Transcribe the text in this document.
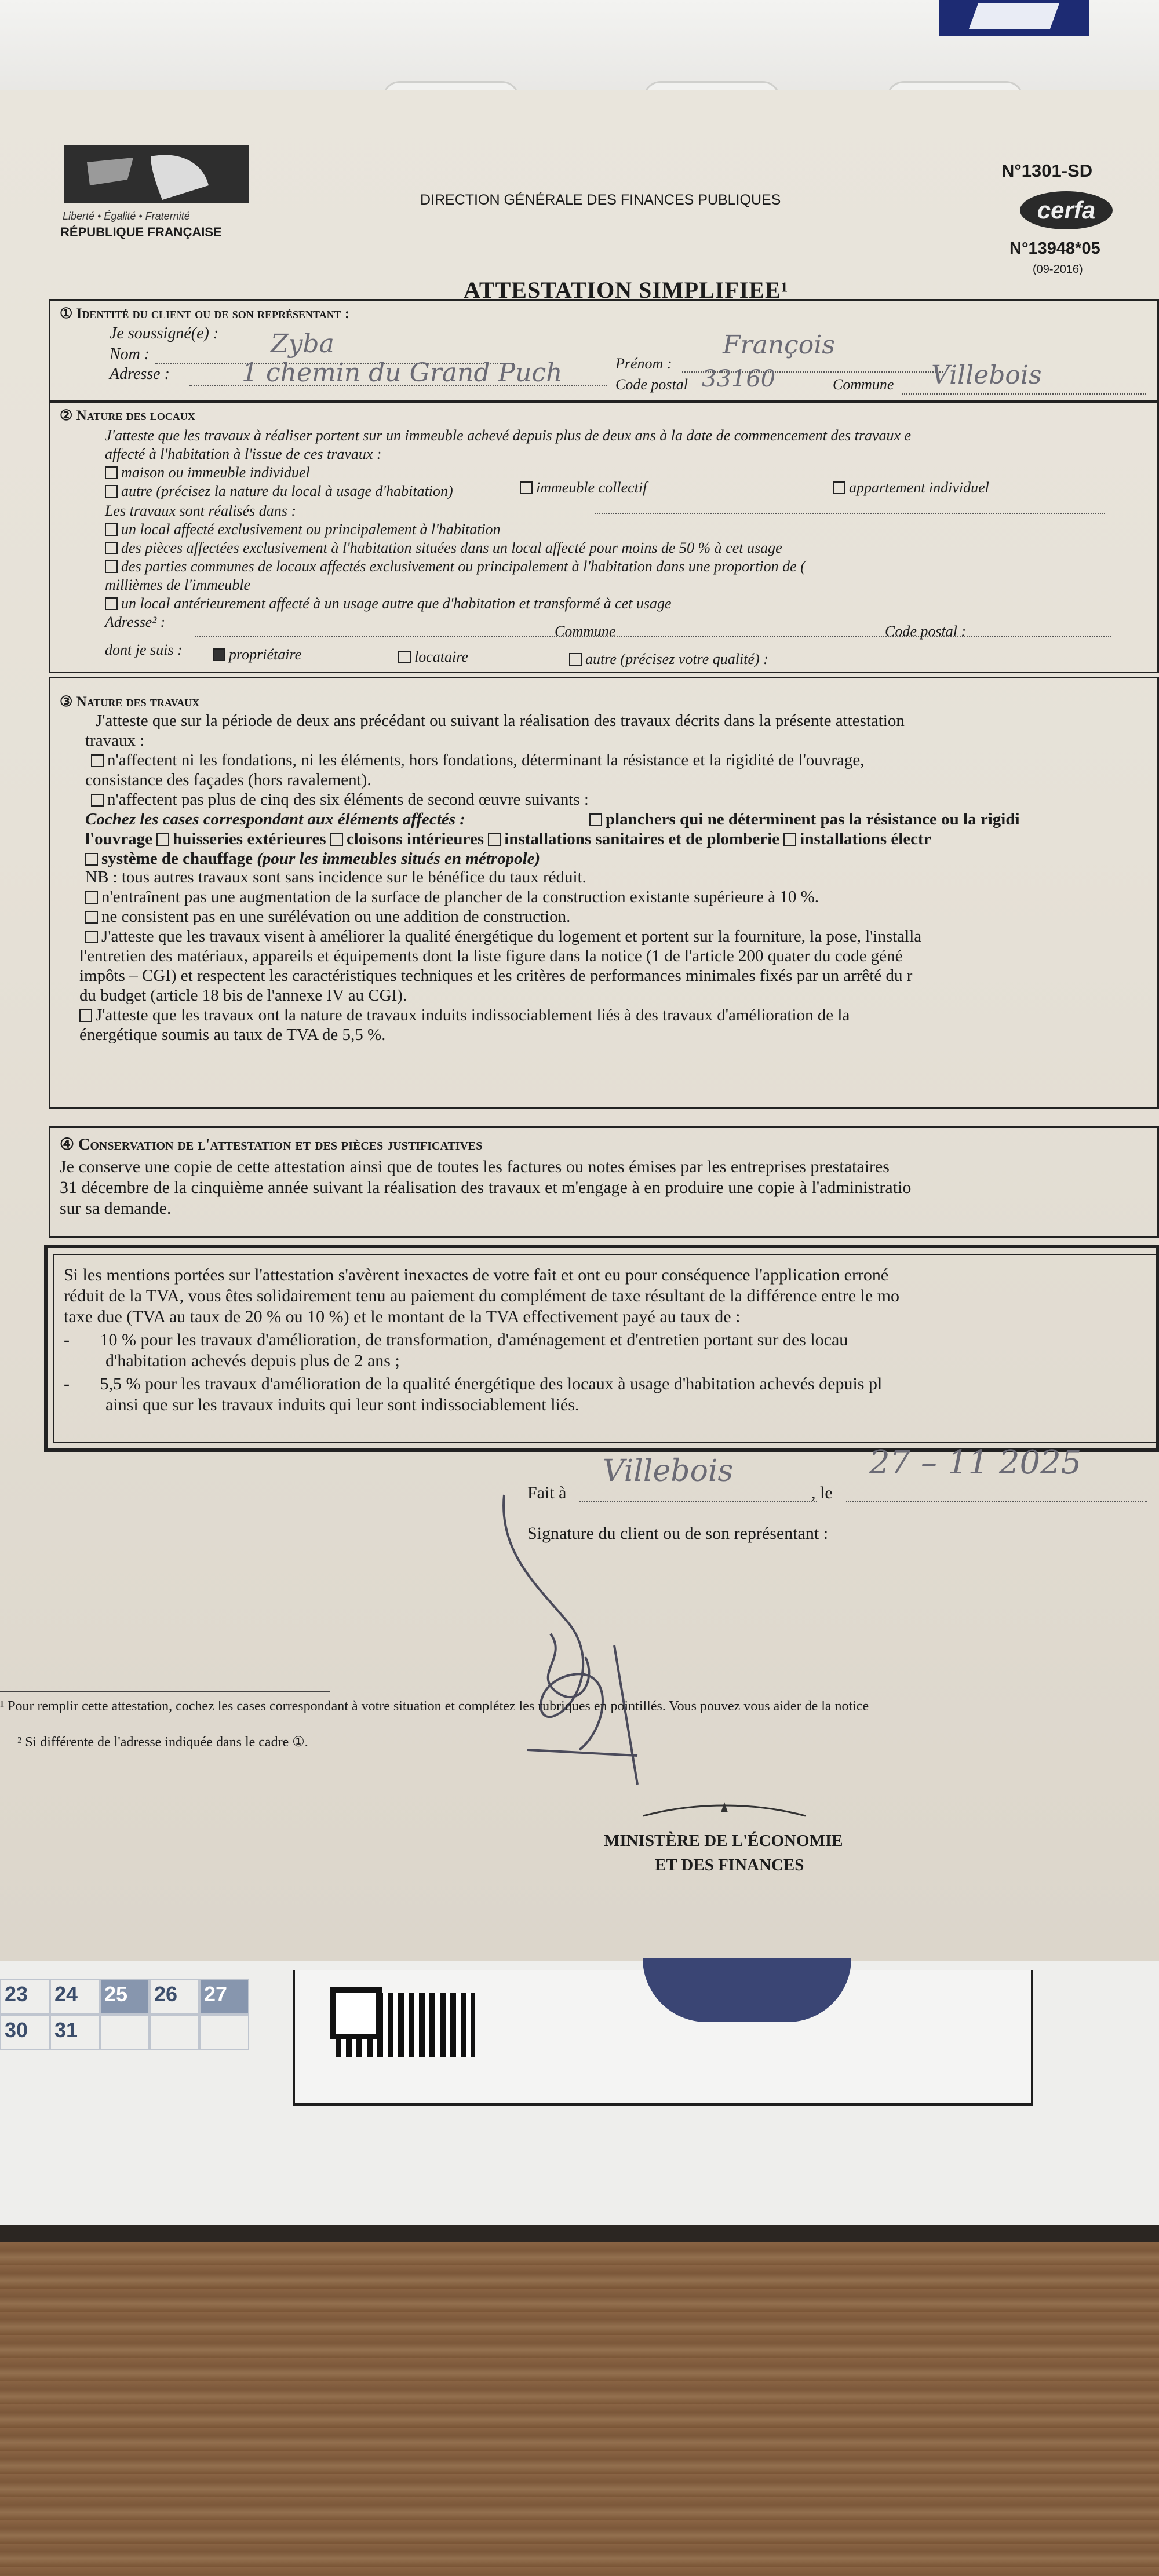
Liberté • Égalité • Fraternité
RÉPUBLIQUE FRANÇAISE
DIRECTION GÉNÉRALE DES FINANCES PUBLIQUES
N°1301-SD
cerfa
N°13948*05
(09-2016)
ATTESTATION SIMPLIFIEE¹
① Identité du client ou de son représentant :
Je soussigné(e) :
Nom :	Zyba
Prénom :
François
Adresse :	1 chemin du Grand Puch	Code postal 33160	Commune Villebois
② Nature des locaux
J'atteste que les travaux à réaliser portent sur un immeuble achevé depuis plus de deux ans à la date de commencement des travaux e
affecté à l'habitation à l'issue de ces travaux :
maison ou immeuble individuel
immeuble collectif	appartement individuel
autre (précisez la nature du local à usage d'habitation)
Les travaux sont réalisés dans :
un local affecté exclusivement ou principalement à l'habitation
des pièces affectées exclusivement à l'habitation situées dans un local affecté pour moins de 50 % à cet usage
des parties communes de locaux affectés exclusivement ou principalement à l'habitation dans une proportion de (
millièmes de l'immeuble
un local antérieurement affecté à un usage autre que d'habitation et transformé à cet usage
Adresse² :
Commune	Code postal :
dont je suis :	propriétaire	locataire	autre (précisez votre qualité) :
③ Nature des travaux
J'atteste que sur la période de deux ans précédant ou suivant la réalisation des travaux décrits dans la présente attestation
travaux :
n'affectent ni les fondations, ni les éléments, hors fondations, déterminant la résistance et la rigidité de l'ouvrage,
consistance des façades (hors ravalement).
n'affectent pas plus de cinq des six éléments de second œuvre suivants :
Cochez les cases correspondant aux éléments affectés :	planchers qui ne déterminent pas la résistance ou la rigidi
l'ouvrage huisseries extérieures cloisons intérieures installations sanitaires et de plomberie installations électr
système de chauffage (pour les immeubles situés en métropole)
NB : tous autres travaux sont sans incidence sur le bénéfice du taux réduit.
n'entraînent pas une augmentation de la surface de plancher de la construction existante supérieure à 10 %.
ne consistent pas en une surélévation ou une addition de construction.
J'atteste que les travaux visent à améliorer la qualité énergétique du logement et portent sur la fourniture, la pose, l'installa
l'entretien des matériaux, appareils et équipements dont la liste figure dans la notice (1 de l'article 200 quater du code géné
impôts – CGI) et respectent les caractéristiques techniques et les critères de performances minimales fixés par un arrêté du r
du budget (article 18 bis de l'annexe IV au CGI).
J'atteste que les travaux ont la nature de travaux induits indissociablement liés à des travaux d'amélioration de la
énergétique soumis au taux de TVA de 5,5 %.
④ Conservation de l'attestation et des pièces justificatives
Je conserve une copie de cette attestation ainsi que de toutes les factures ou notes émises par les entreprises prestataires
31 décembre de la cinquième année suivant la réalisation des travaux et m'engage à en produire une copie à l'administratio
sur sa demande.
Si les mentions portées sur l'attestation s'avèrent inexactes de votre fait et ont eu pour conséquence l'application erroné
réduit de la TVA, vous êtes solidairement tenu au paiement du complément de taxe résultant de la différence entre le mo
taxe due (TVA au taux de 20 % ou 10 %) et le montant de la TVA effectivement payé au taux de :
-       10 % pour les travaux d'amélioration, de transformation, d'aménagement et d'entretien portant sur des locau
d'habitation achevés depuis plus de 2 ans ;
-       5,5 % pour les travaux d'amélioration de la qualité énergétique des locaux à usage d'habitation achevés depuis pl
ainsi que sur les travaux induits qui leur sont indissociablement liés.
Fait à
Villebois
, le
27 – 11 2025
Signature du client ou de son représentant :
¹ Pour remplir cette attestation, cochez les cases correspondant à votre situation et complétez les rubriques en pointillés. Vous pouvez vous aider de la notice
² Si différente de l'adresse indiquée dans le cadre ①.
MINISTÈRE DE L'ÉCONOMIE
ET DES FINANCES
23	24	25	26	27
30	31
